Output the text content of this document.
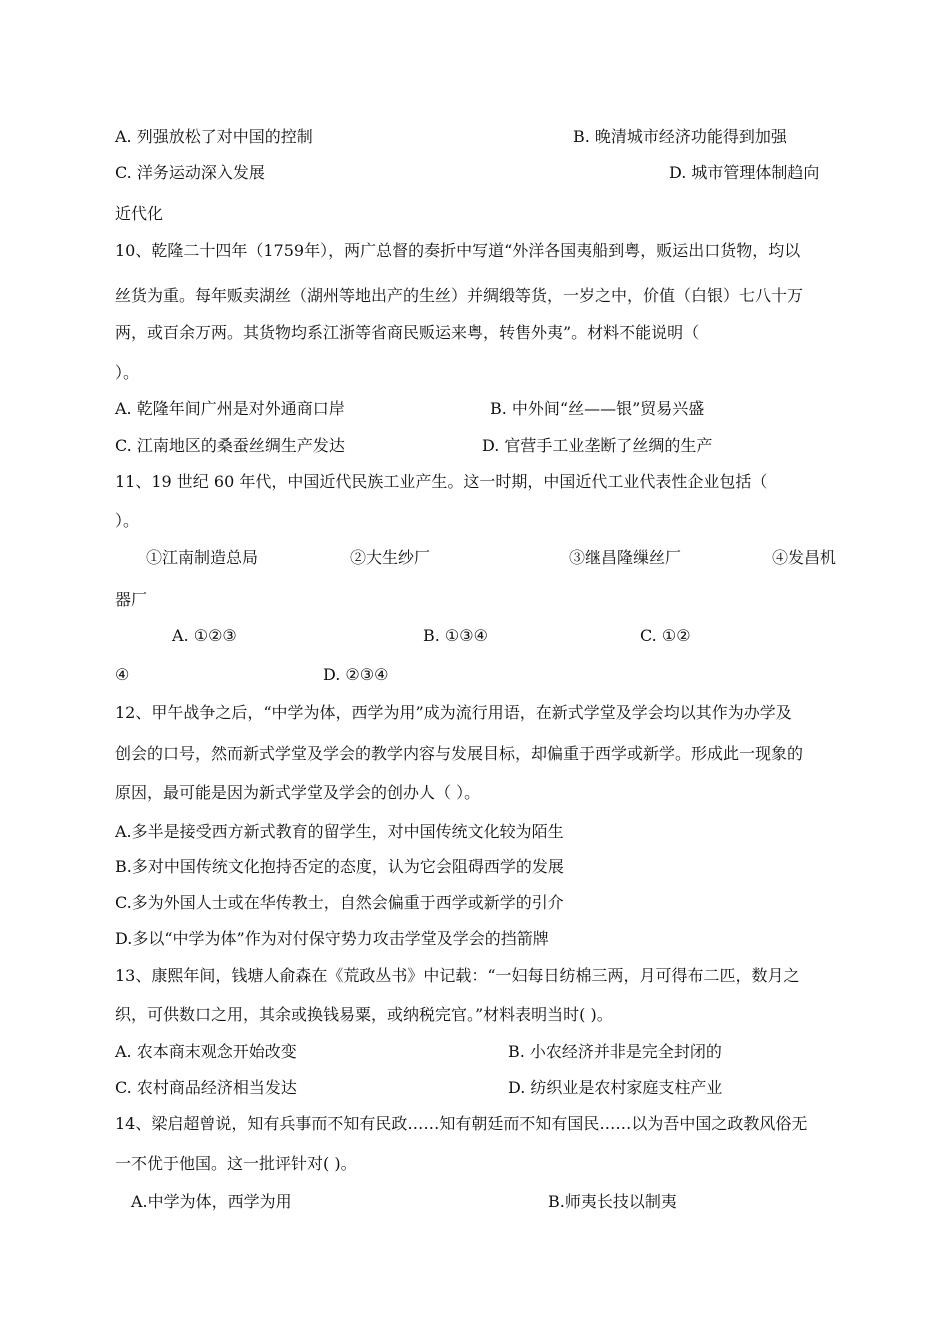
A. 列强放松了对中国的控制	B. 晚清城市经济功能得到加强
C. 洋务运动深入发展	D. 城市管理体制趋向
近代化
10、乾隆二十四年（1759年），两广总督的奏折中写道“外洋各国夷船到粤，贩运出口货物，均以
丝货为重。每年贩卖湖丝（湖州等地出产的生丝）并绸缎等货，一岁之中，价值（白银）七八十万
两，或百余万两。其货物均系江浙等省商民贩运来粤，转售外夷”。材料不能说明（
）。
A. 乾隆年间广州是对外通商口岸	B. 中外间“丝——银”贸易兴盛
C. 江南地区的桑蚕丝绸生产发达	D. 官营手工业垄断了丝绸的生产
11、19 世纪 60 年代，中国近代民族工业产生。这一时期，中国近代工业代表性企业包括（
）。
①江南制造总局	②大生纱厂	③继昌隆缫丝厂	④发昌机
器厂
A. ①②③	B. ①③④	C. ①②
④	D. ②③④
12、甲午战争之后，“中学为体，西学为用”成为流行用语，在新式学堂及学会均以其作为办学及
创会的口号，然而新式学堂及学会的教学内容与发展目标，却偏重于西学或新学。形成此一现象的
原因，最可能是因为新式学堂及学会的创办人（ ）。
A.多半是接受西方新式教育的留学生，对中国传统文化较为陌生
B.多对中国传统文化抱持否定的态度，认为它会阻碍西学的发展
C.多为外国人士或在华传教士，自然会偏重于西学或新学的引介
D.多以“中学为体”作为对付保守势力攻击学堂及学会的挡箭牌
13、康熙年间，钱塘人俞森在《荒政丛书》中记载：“一妇每日纺棉三两，月可得布二匹，数月之
织，可供数口之用，其余或换钱易粟，或纳税完官。”材料表明当时( )。
A. 农本商末观念开始改变	B. 小农经济并非是完全封闭的
C. 农村商品经济相当发达	D. 纺织业是农村家庭支柱产业
14、梁启超曾说，知有兵事而不知有民政……知有朝廷而不知有国民……以为吾中国之政教风俗无
一不优于他国。这一批评针对( )。
A.中学为体，西学为用	B.师夷长技以制夷
